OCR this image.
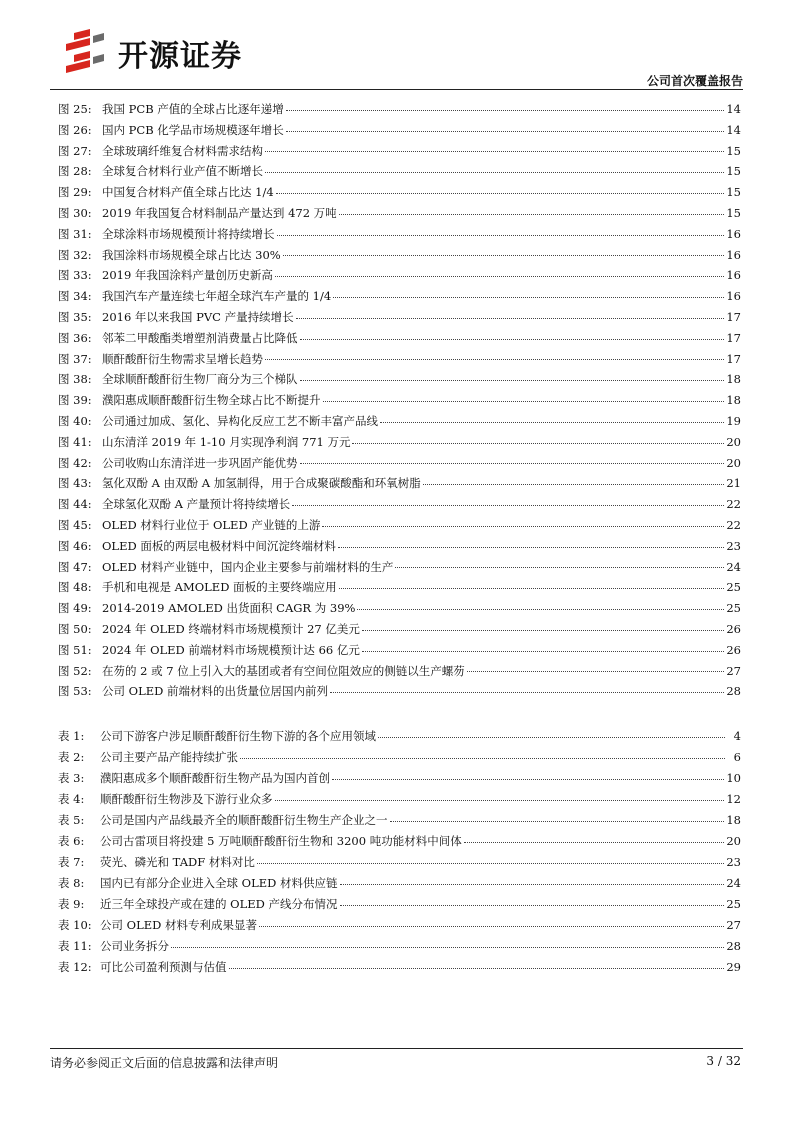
开源证券
公司首次覆盖报告
图 25: 我国 PCB 产值的全球占比逐年递增	14
图 26: 国内 PCB 化学品市场规模逐年增长	14
图 27: 全球玻璃纤维复合材料需求结构	15
图 28: 全球复合材料行业产值不断增长	15
图 29: 中国复合材料产值全球占比达 1/4	15
图 30: 2019 年我国复合材料制品产量达到 472 万吨	15
图 31: 全球涂料市场规模预计将持续增长	16
图 32: 我国涂料市场规模全球占比达 30%	16
图 33: 2019 年我国涂料产量创历史新高	16
图 34: 我国汽车产量连续七年超全球汽车产量的 1/4	16
图 35: 2016 年以来我国 PVC 产量持续增长	17
图 36: 邻苯二甲酸酯类增塑剂消费量占比降低	17
图 37: 顺酐酸酐衍生物需求呈增长趋势	17
图 38: 全球顺酐酸酐衍生物厂商分为三个梯队	18
图 39: 濮阳惠成顺酐酸酐衍生物全球占比不断提升	18
图 40: 公司通过加成、氢化、异构化反应工艺不断丰富产品线	19
图 41: 山东清洋 2019 年 1-10 月实现净利润 771 万元	20
图 42: 公司收购山东清洋进一步巩固产能优势	20
图 43: 氢化双酚 A 由双酚 A 加氢制得，用于合成聚碳酸酯和环氧树脂	21
图 44: 全球氢化双酚 A 产量预计将持续增长	22
图 45: OLED 材料行业位于 OLED 产业链的上游	22
图 46: OLED 面板的两层电极材料中间沉淀终端材料	23
图 47: OLED 材料产业链中，国内企业主要参与前端材料的生产	24
图 48: 手机和电视是 AMOLED 面板的主要终端应用	25
图 49: 2014-2019 AMOLED 出货面积 CAGR 为 39%	25
图 50: 2024 年 OLED 终端材料市场规模预计 27 亿美元	26
图 51: 2024 年 OLED 前端材料市场规模预计达 66 亿元	26
图 52: 在芴的 2 或 7 位上引入大的基团或者有空间位阻效应的侧链以生产螺芴	27
图 53: 公司 OLED 前端材料的出货量位居国内前列	28
表 1:	公司下游客户涉足顺酐酸酐衍生物下游的各个应用领域	4
表 2:	公司主要产品产能持续扩张	6
表 3:	濮阳惠成多个顺酐酸酐衍生物产品为国内首创	10
表 4:	顺酐酸酐衍生物涉及下游行业众多	12
表 5:	公司是国内产品线最齐全的顺酐酸酐衍生物生产企业之一	18
表 6:	公司古雷项目将投建 5 万吨顺酐酸酐衍生物和 3200 吨功能材料中间体	20
表 7:	荧光、磷光和 TADF 材料对比	23
表 8:	国内已有部分企业进入全球 OLED 材料供应链	24
表 9:	近三年全球投产或在建的 OLED 产线分布情况	25
表 10: 公司 OLED 材料专利成果显著	27
表 11: 公司业务拆分	28
表 12: 可比公司盈利预测与估值	29
请务必参阅正文后面的信息披露和法律声明	3 / 32
